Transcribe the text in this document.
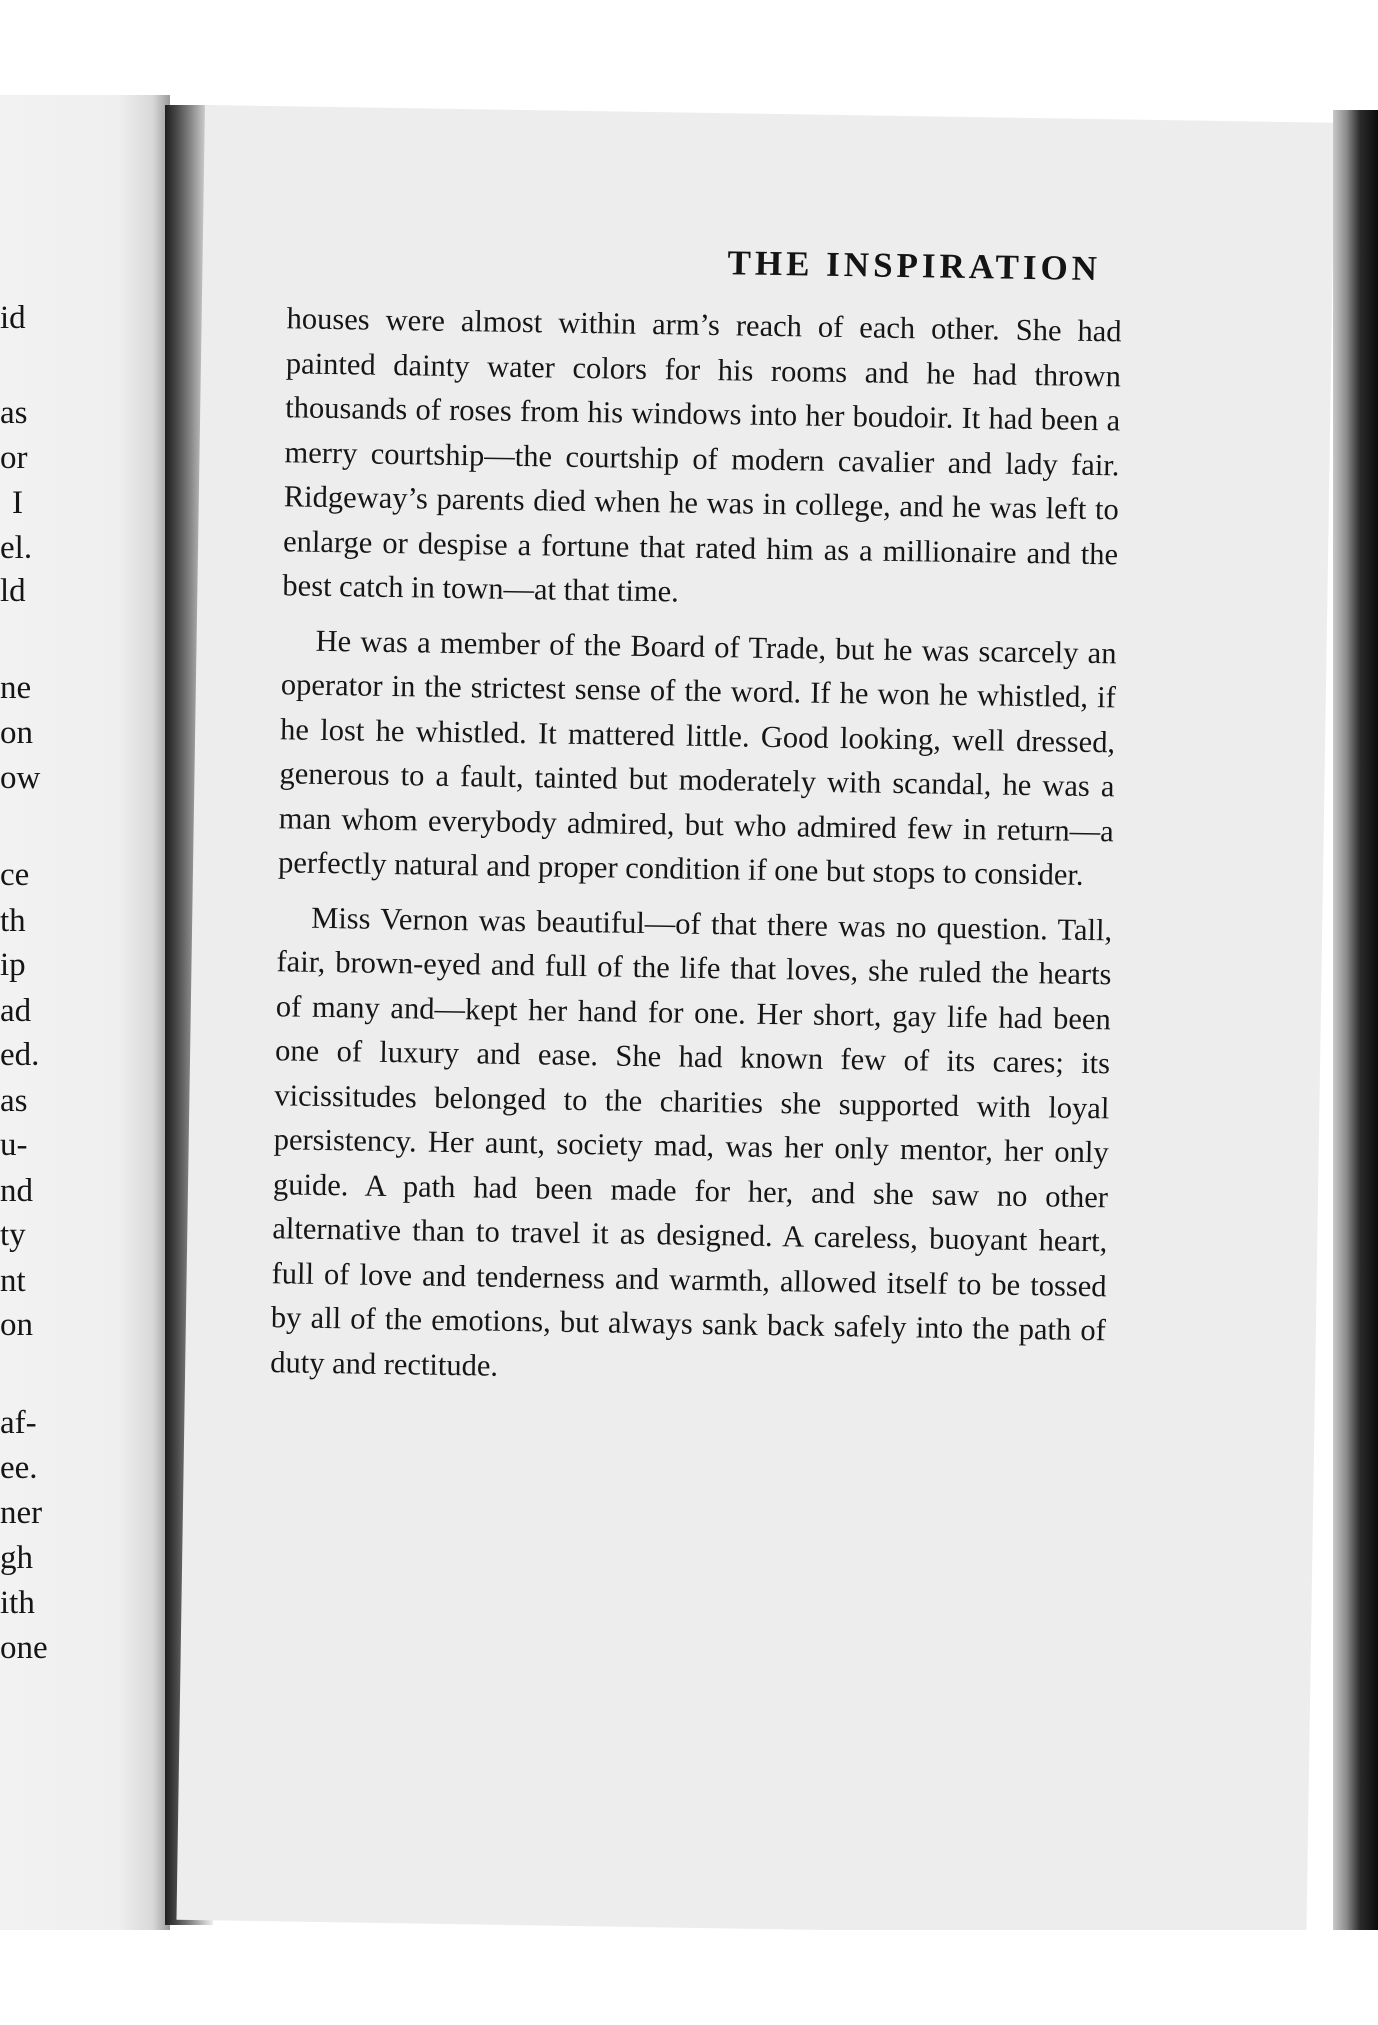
id
as
or
I
el.
ld
ne
on
ow
ce
th
ip
ad
ed.
as
u-
nd
ty
nt
on
af-
ee.
ner
gh
ith
one
THE INSPIRATION

houses were almost within arm’s reach of each other. She had painted dainty water colors for his rooms and he had thrown thousands of roses from his windows into her boudoir. It had been a merry courtship—the courtship of modern cavalier and lady fair. Ridgeway’s parents died when he was in college, and he was left to enlarge or despise a fortune that rated him as a millionaire and the best catch in town—at that time.

He was a member of the Board of Trade, but he was scarcely an operator in the strictest sense of the word. If he won he whistled, if he lost he whistled. It mattered little. Good looking, well dressed, generous to a fault, tainted but moderately with scandal, he was a man whom everybody admired, but who admired few in return—a perfectly natural and proper condition if one but stops to consider.

Miss Vernon was beautiful—of that there was no question. Tall, fair, brown-eyed and full of the life that loves, she ruled the hearts of many and—kept her hand for one. Her short, gay life had been one of luxury and ease. She had known few of its cares; its vicissitudes belonged to the charities she supported with loyal persistency. Her aunt, society mad, was her only mentor, her only guide. A path had been made for her, and she saw no other alternative than to travel it as designed. A careless, buoyant heart, full of love and tenderness and warmth, allowed itself to be tossed by all of the emotions, but always sank back safely into the path of duty and rectitude.
